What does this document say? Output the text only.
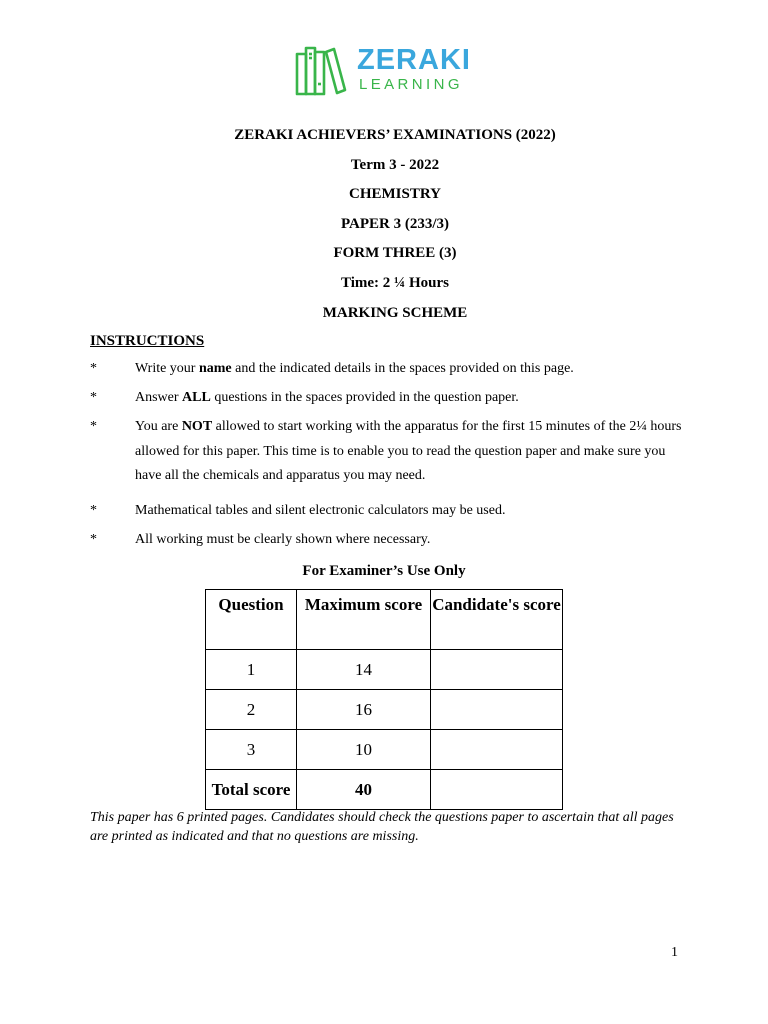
ZERAKI
LEARNING
ZERAKI ACHIEVERS’ EXAMINATIONS (2022)
Term 3 - 2022
CHEMISTRY
PAPER 3 (233/3)
FORM THREE (3)
Time: 2 ¼ Hours
MARKING SCHEME
INSTRUCTIONS
*	Write your name and the indicated details in the spaces provided on this page.
*	Answer ALL questions in the spaces provided in the question paper.
*	You are NOT allowed to start working with the apparatus for the first 15 minutes of the 2¼ hours allowed for this paper. This time is to enable you to read the question paper and make sure you have all the chemicals and apparatus you may need.
*	Mathematical tables and silent electronic calculators may be used.
*	All working must be clearly shown where necessary.
For Examiner’s Use Only
Question	Maximum score	Candidate's score
1	14	
2	16	
3	10	
Total score	40	
This paper has 6 printed pages. Candidates should check the questions paper to ascertain that all pages are printed as indicated and that no questions are missing.
1
